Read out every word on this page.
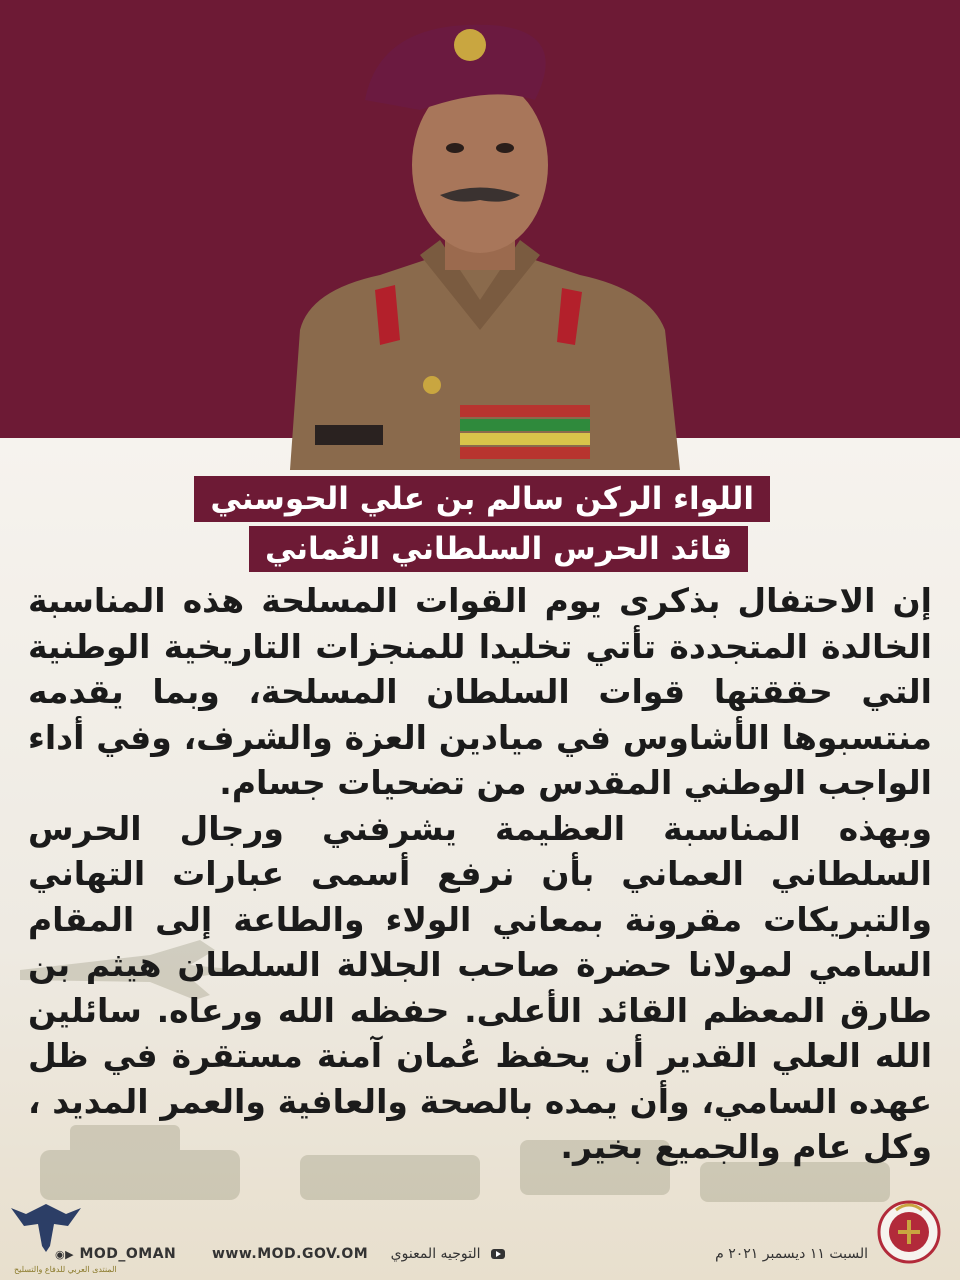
اللواء الركن سالم بن علي الحوسني
قائد الحرس السلطاني العُماني

إن الاحتفال بذكرى يوم القوات المسلحة هذه المناسبة الخالدة المتجددة تأتي تخليدا للمنجزات التاريخية الوطنية التي حققتها قوات السلطان المسلحة، وبما يقدمه منتسبوها الأشاوس في ميادين العزة والشرف، وفي أداء الواجب الوطني المقدس من تضحيات جسام.

وبهذه المناسبة العظيمة يشرفني ورجال الحرس السلطاني العماني بأن نرفع أسمى عبارات التهاني والتبريكات مقرونة بمعاني الولاء والطاعة إلى المقام السامي لمولانا حضرة صاحب الجلالة السلطان هيثم بن طارق المعظم القائد الأعلى. حفظه الله ورعاه. سائلين الله العلي القدير أن يحفظ عُمان آمنة مستقرة في ظل عهده السامي، وأن يمده بالصحة والعافية والعمر المديد ، وكل عام والجميع بخير.

المنتدى العربي للدفاع والتسليح
السبت ١١ ديسمبر ٢٠٢١ م
التوجيه المعنوي
www.MOD.GOV.OM
◉▶ MOD_OMAN
